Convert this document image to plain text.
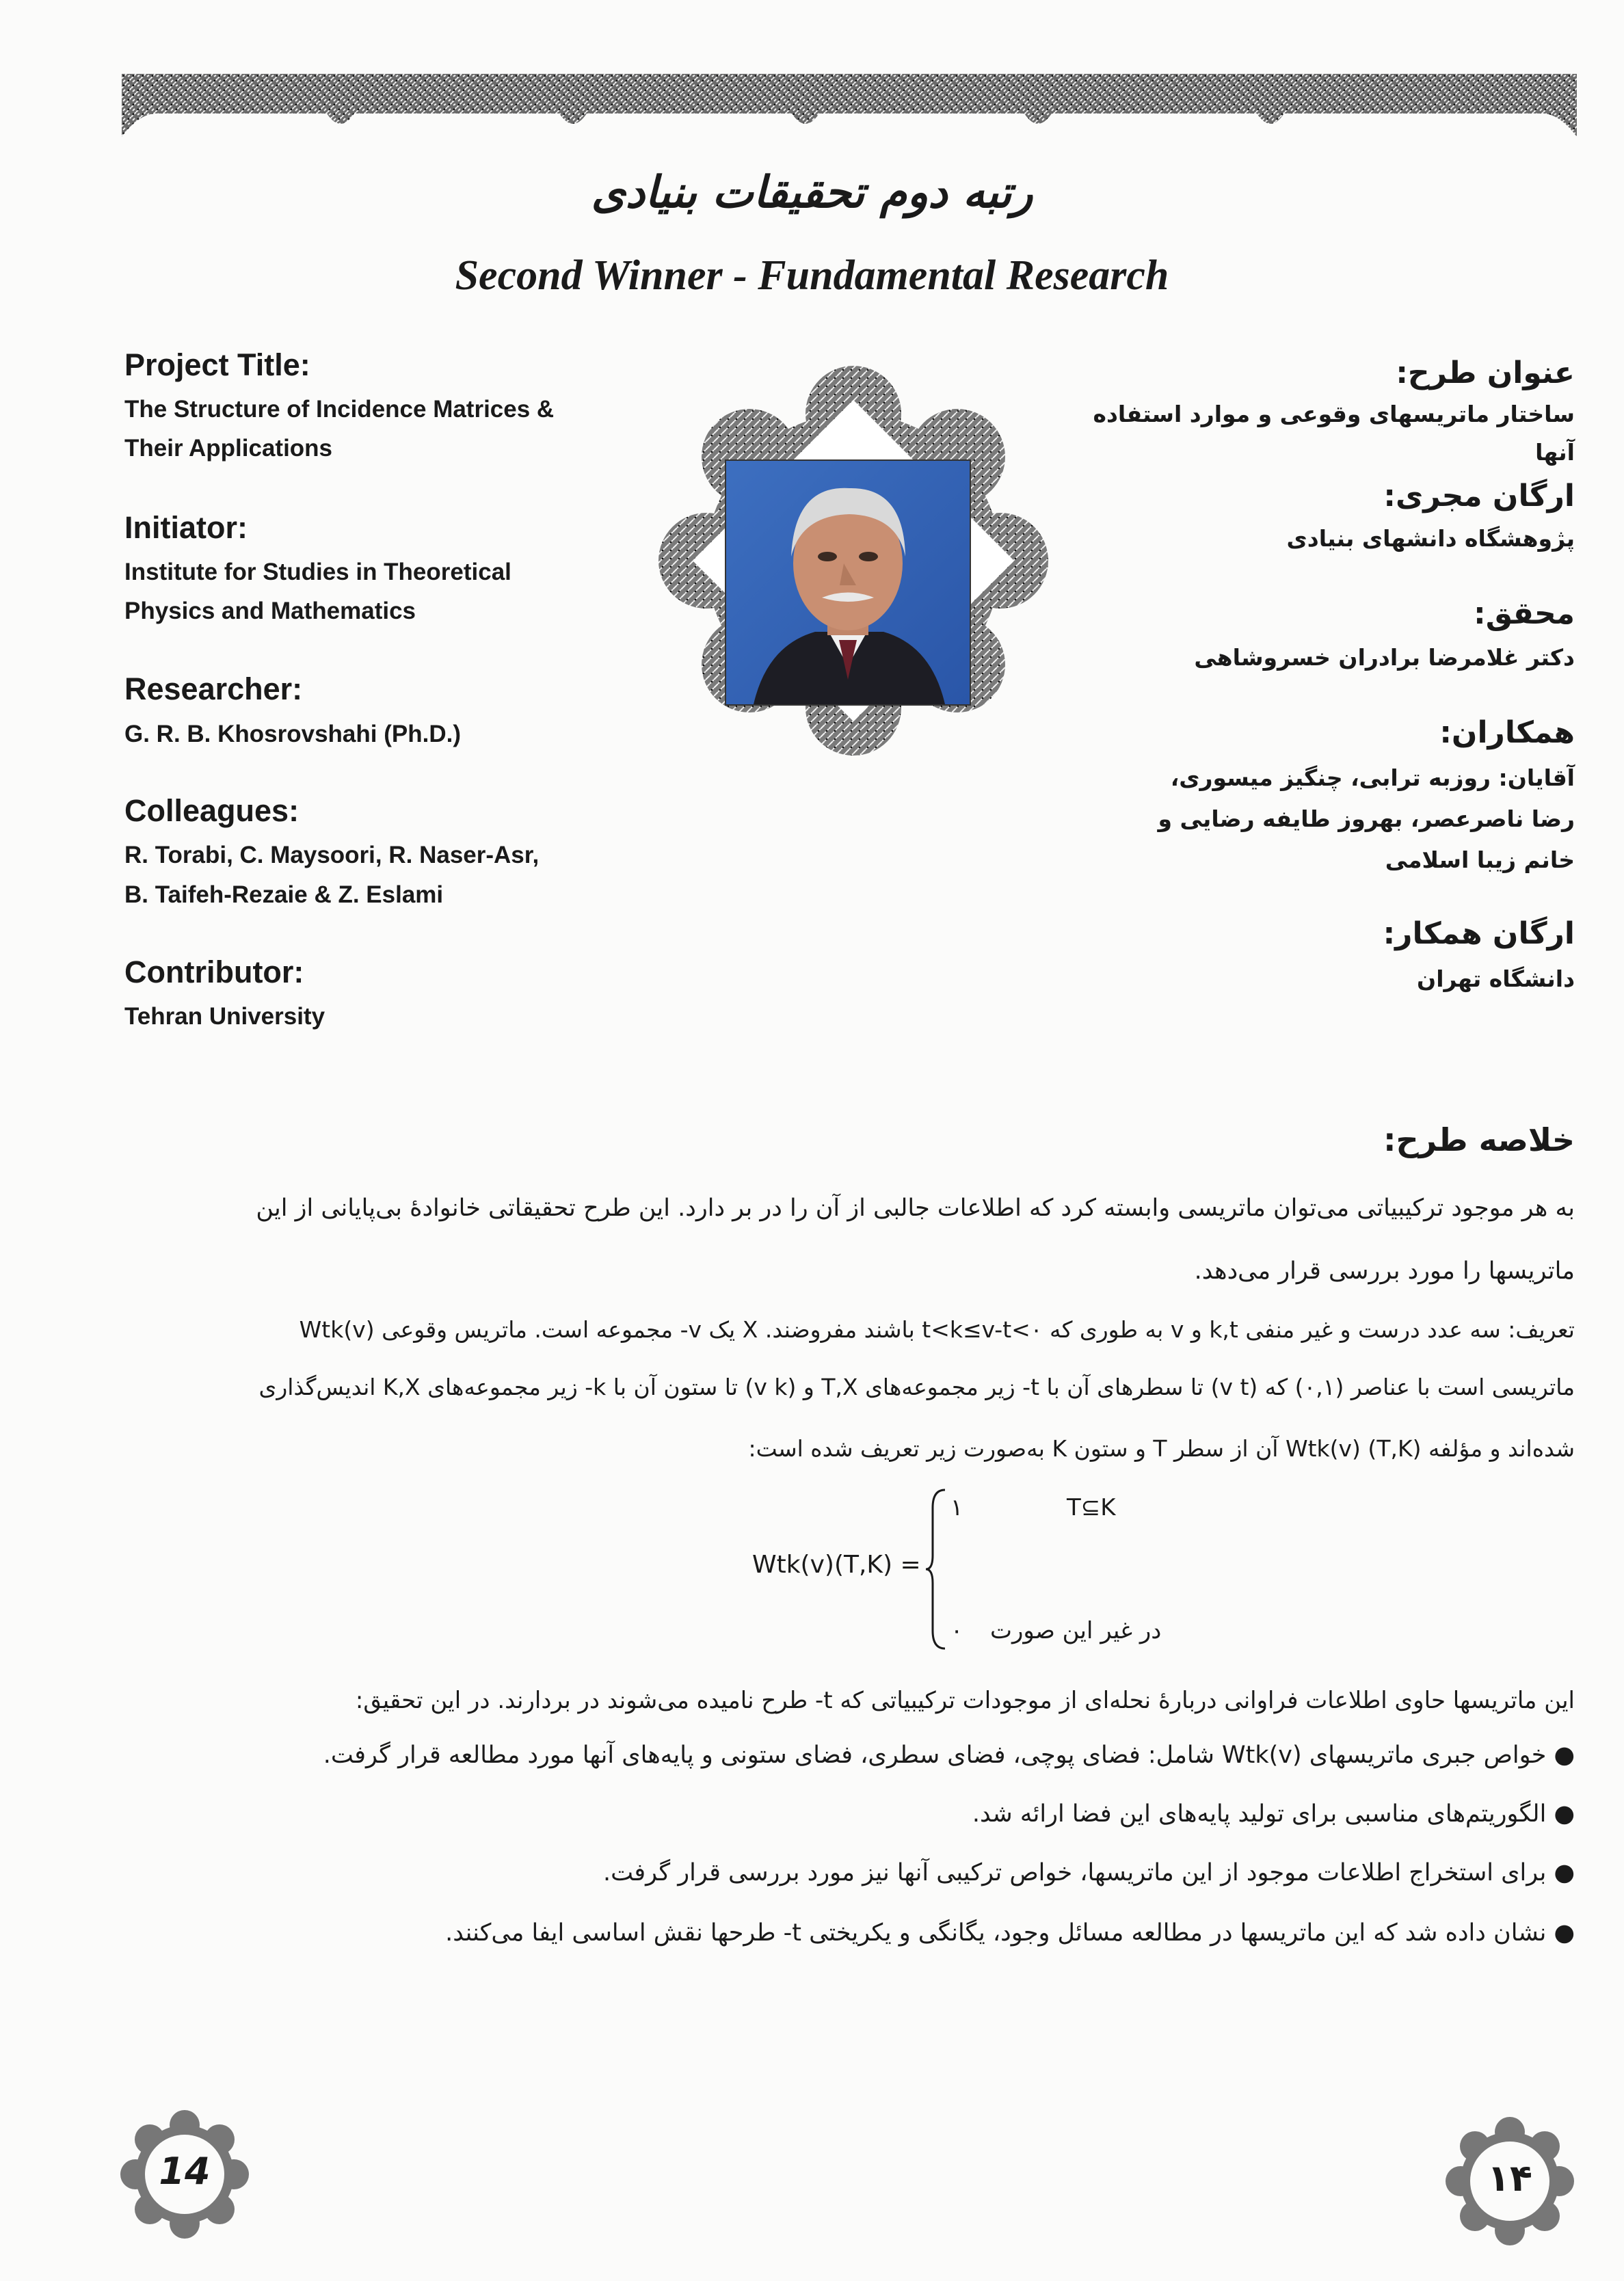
رتبه دوم تحقیقات بنیادی
Second Winner - Fundamental Research
Project Title:
The Structure of Incidence Matrices &
Their Applications
Initiator:
Institute for Studies in Theoretical
Physics and Mathematics
Researcher:
G. R. B. Khosrovshahi (Ph.D.)
Colleagues:
R. Torabi, C. Maysoori, R. Naser-Asr,
B. Taifeh-Rezaie & Z. Eslami
Contributor:
Tehran University
عنوان طرح:
ساختار ماتریسهای وقوعی و موارد استفاده آنها
ارگان مجری:
پژوهشگاه دانشهای بنیادی
محقق:
دکتر غلامرضا برادران خسروشاهی
همکاران:
آقایان: روزبه ترابی، چنگیز میسوری،
رضا ناصرعصر، بهروز طایفه رضایی و
خانم زیبا اسلامی
ارگان همکار:
دانشگاه تهران
خلاصه طرح:
به هر موجود ترکیبیاتی می‌توان ماتریسی وابسته کرد که اطلاعات جالبی از آن را در بر دارد. این طرح تحقیقاتی خانوادهٔ بی‌پایانی از این
ماتریسها را مورد بررسی قرار می‌دهد.
تعریف: سه عدد درست و غیر منفی k,t و v به طوری که ۰>t<k≤v-t باشند مفروضند. X یک v- مجموعه است. ماتریس وقوعی Wtk(v)
ماتریسی است با عناصر (۰,۱) که (v t) تا سطرهای آن با t- زیر مجموعه‌های T,X و (v k) تا ستون آن با k- زیر مجموعه‌های K,X اندیس‌گذاری
شده‌اند و مؤلفه (T,K) Wtk(v) آن از سطر T و ستون K به‌صورت زیر تعریف شده است:
این ماتریسها حاوی اطلاعات فراوانی دربارهٔ نحله‌ای از موجودات ترکیبیاتی که t- طرح نامیده می‌شوند در بردارند. در این تحقیق:
● خواص جبری ماتریسهای Wtk(v) شامل: فضای پوچی، فضای سطری، فضای ستونی و پایه‌های آنها مورد مطالعه قرار گرفت.
● الگوریتم‌های مناسبی برای تولید پایه‌های این فضا ارائه شد.
● برای استخراج اطلاعات موجود از این ماتریسها، خواص ترکیبی آنها نیز مورد بررسی قرار گرفت.
● نشان داده شد که این ماتریسها در مطالعه مسائل وجود، یگانگی و یکریختی t- طرحها نقش اساسی ایفا می‌کنند.
Wtk(v)(T,K) =
۱	T⊆K
۰ در غیر این صورت
14	۱۴
